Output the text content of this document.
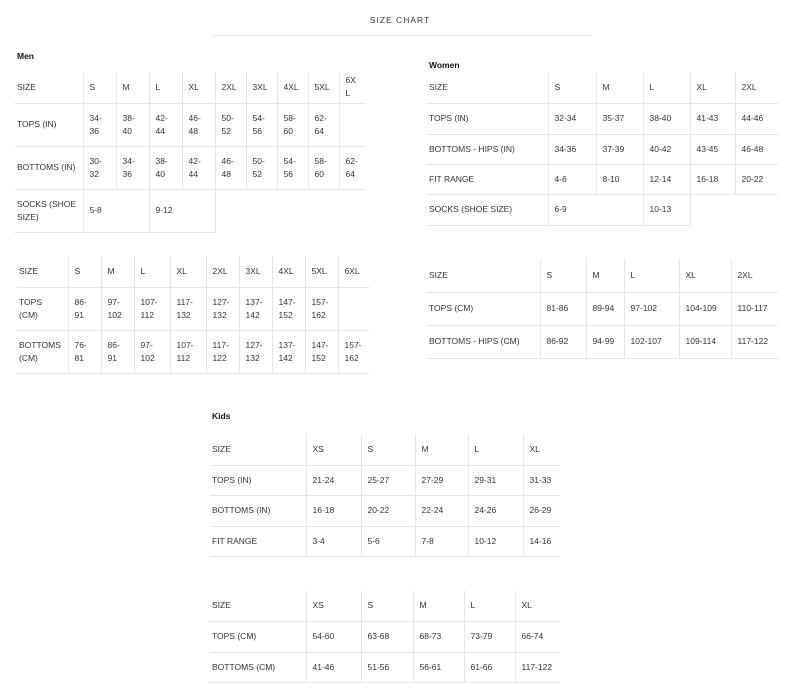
SIZE CHART
Men
SIZE	S	M	L	XL	2XL	3XL	4XL	5XL	6XL
TOPS (IN)	34-36	38-40	42-44	46-48	50-52	54-56	58-60	62-64	
BOTTOMS (IN)	30-32	34-36	38-40	42-44	46-48	50-52	54-56	58-60	62-64
SOCKS (SHOE SIZE)	5-8		9-12						
SIZE	S	M	L	XL	2XL	3XL	4XL	5XL	6XL
TOPS (CM)	86-91	97-102	107-112	117-132	127-132	137-142	147-152	157-162	
BOTTOMS (CM)	76-81	86-91	97-102	107-112	117-122	127-132	137-142	147-152	157-162
Women
SIZE	S	M	L	XL	2XL
TOPS (IN)	32-34	35-37	38-40	41-43	44-46
BOTTOMS - HIPS (IN)	34-36	37-39	40-42	43-45	46-48
FIT RANGE	4-6	8-10	12-14	16-18	20-22
SOCKS (SHOE SIZE)	6-9		10-13		
SIZE	S	M	L	XL	2XL
TOPS (CM)	81-86	89-94	97-102	104-109	110-117
BOTTOMS - HIPS (CM)	86-92	94-99	102-107	109-114	117-122
Kids
SIZE	XS	S	M	L	XL
TOPS (IN)	21-24	25-27	27-29	29-31	31-33
BOTTOMS (IN)	16-18	20-22	22-24	24-26	26-29
FIT RANGE	3-4	5-6	7-8	10-12	14-16
SIZE	XS	S	M	L	XL
TOPS (CM)	54-60	63-68	68-73	73-79	66-74
BOTTOMS (CM)	41-46	51-56	56-61	61-66	117-122
